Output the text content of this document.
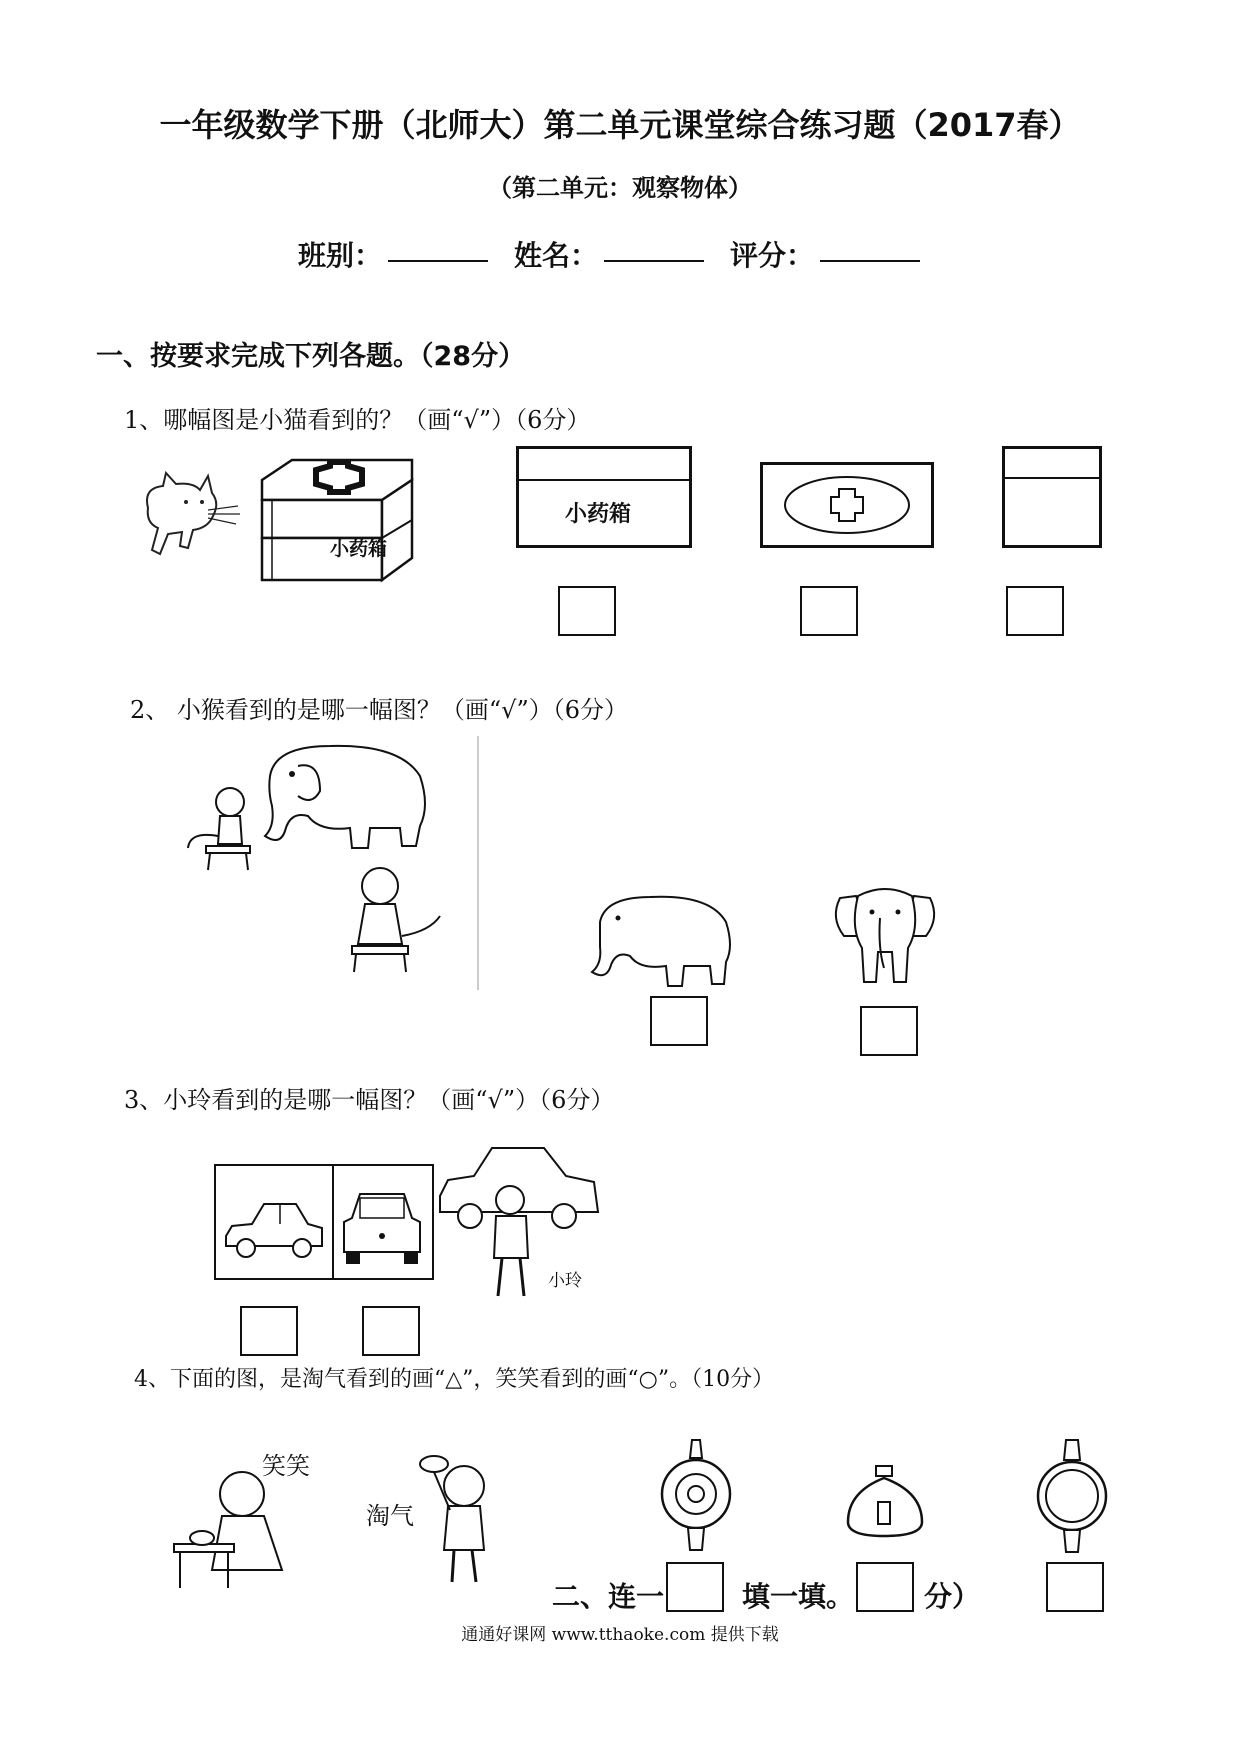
一年级数学下册（北师大）第二单元课堂综合练习题（2017春）
（第二单元：观察物体）
班别：	姓名：	评分：
一、按要求完成下列各题。（28分）
1、哪幅图是小猫看到的？（画“√”）（6分）
小药箱
小药箱
2、 小猴看到的是哪一幅图？（画“√”）（6分）
3、小玲看到的是哪一幅图？（画“√”）（6分）
小玲
4、下面的图，是淘气看到的画“△”，笑笑看到的画“○”。（10分）
笑笑
淘气
二、连一	填一填。 分）
通通好课网 www.tthaoke.com 提供下载
